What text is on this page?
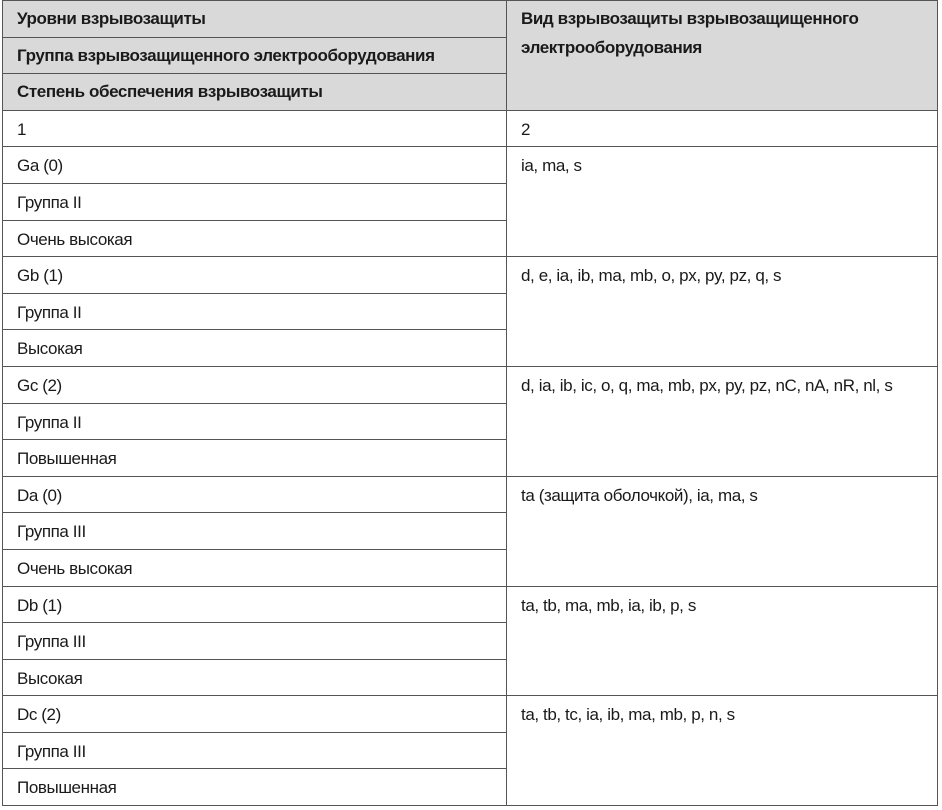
Уровни взрывозащиты	Вид взрывозащиты взрывозащищенного электрооборудования
Группа взрывозащищенного электрооборудования	
Степень обеспечения взрывозащиты	
1	2
Ga (0)	ia, ma, s
Группа II	
Очень высокая	
Gb (1)	d, e, ia, ib, ma, mb, o, px, py, pz, q, s
Группа II	
Высокая	
Gc (2)	d, ia, ib, ic, o, q, ma, mb, px, py, pz, nC, nA, nR, nl, s
Группа II	
Повышенная	
Da (0)	ta (защита оболочкой), ia, ma, s
Группа III	
Очень высокая	
Db (1)	ta, tb, ma, mb, ia, ib, p, s
Группа III	
Высокая	
Dc (2)	ta, tb, tc, ia, ib, ma, mb, p, n, s
Группа III	
Повышенная	
